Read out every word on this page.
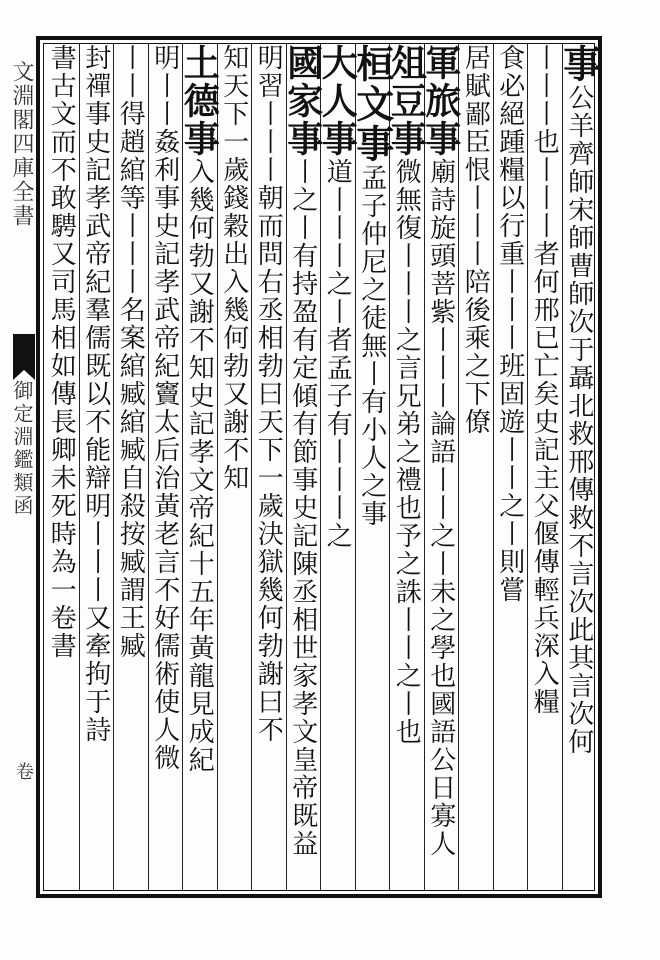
文淵閣四庫全書
御定淵鑑類函
卷
事公羊齊師宋師曹師次于聶北救邢傳救不言次此其言次何
丨丨丨也丨丨丨者何邢已亡矣史記主父偃傳輕兵深入糧
食必絕踵糧以行重丨丨丨班固遊丨丨之丨則嘗
居賦鄙臣恨丨丨丨陪後乘之下僚
軍旅事廟詩旋頭菩紫丨丨丨論語丨丨之丨未之學也國語公日寡人
俎豆事微無復丨丨丨之言兄弟之禮也予之誅丨丨之丨也
桓文事孟子仲尼之徒無丨有小人之事
大人事道丨丨丨之丨者孟子有丨丨丨之
國家事丨之丨有持盈有定傾有節事史記陳丞相世家孝文皇帝既益
明習丨丨丨朝而問右丞相勃曰天下一歲決獄幾何勃謝曰不
知天下一歲錢穀出入幾何勃又謝不知
土德事入幾何勃又謝不知史記孝文帝紀十五年黃龍見成紀
明丨丨姦利事史記孝武帝紀竇太后治黃老言不好儒術使人微
丨丨得趙綰等丨丨丨名案綰臧綰臧自殺按臧謂王臧
封禪事史記孝武帝紀羣儒既以不能辯明丨丨丨又牽拘于詩
書古文而不敢騁又司馬相如傳長卿未死時為一卷書
